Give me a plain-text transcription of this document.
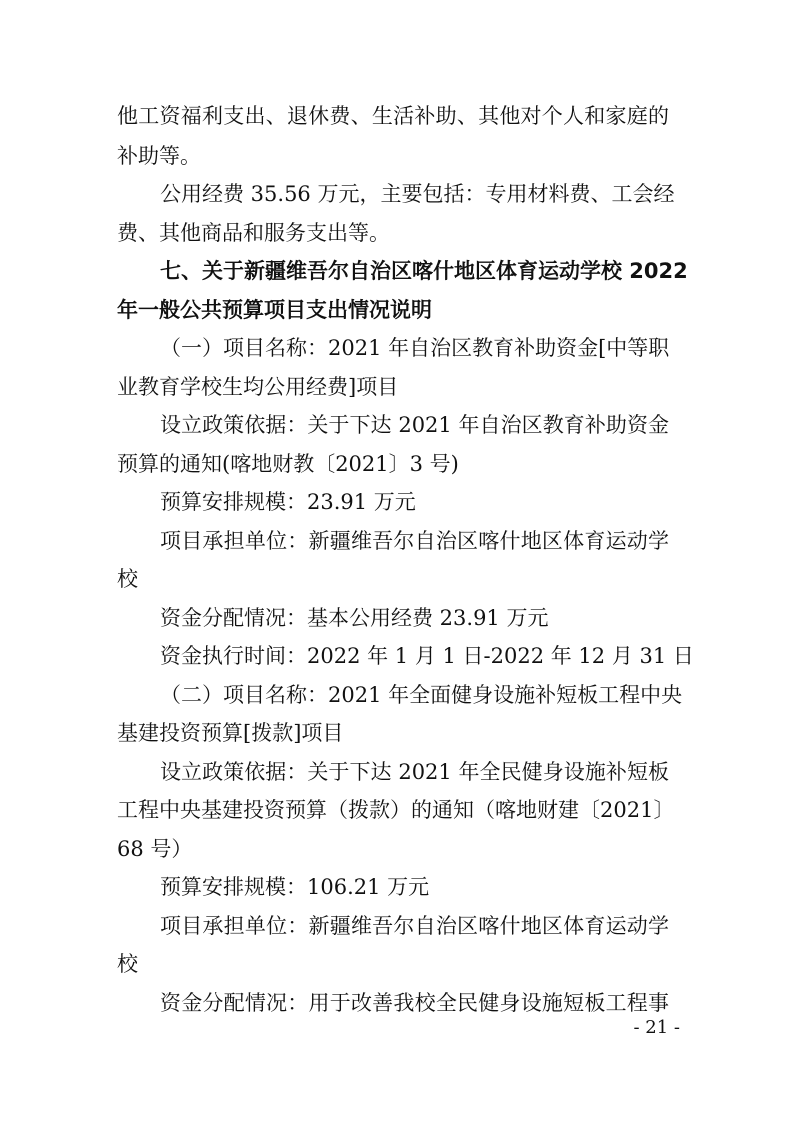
他工资福利支出、退休费、生活补助、其他对个人和家庭的
补助等。
公用经费 35.56 万元，主要包括：专用材料费、工会经
费、其他商品和服务支出等。
七、关于新疆维吾尔自治区喀什地区体育运动学校 2022
年一般公共预算项目支出情况说明
（一）项目名称：2021 年自治区教育补助资金[中等职
业教育学校生均公用经费]项目
设立政策依据：关于下达 2021 年自治区教育补助资金
预算的通知(喀地财教〔2021〕3 号)
预算安排规模：23.91 万元
项目承担单位：新疆维吾尔自治区喀什地区体育运动学
校
资金分配情况：基本公用经费 23.91 万元
资金执行时间：2022 年 1 月 1 日-2022 年 12 月 31 日
（二）项目名称：2021 年全面健身设施补短板工程中央
基建投资预算[拨款]项目
设立政策依据：关于下达 2021 年全民健身设施补短板
工程中央基建投资预算（拨款）的通知（喀地财建〔2021〕
68 号）
预算安排规模：106.21 万元
项目承担单位：新疆维吾尔自治区喀什地区体育运动学
校
资金分配情况：用于改善我校全民健身设施短板工程事
- 21 -
